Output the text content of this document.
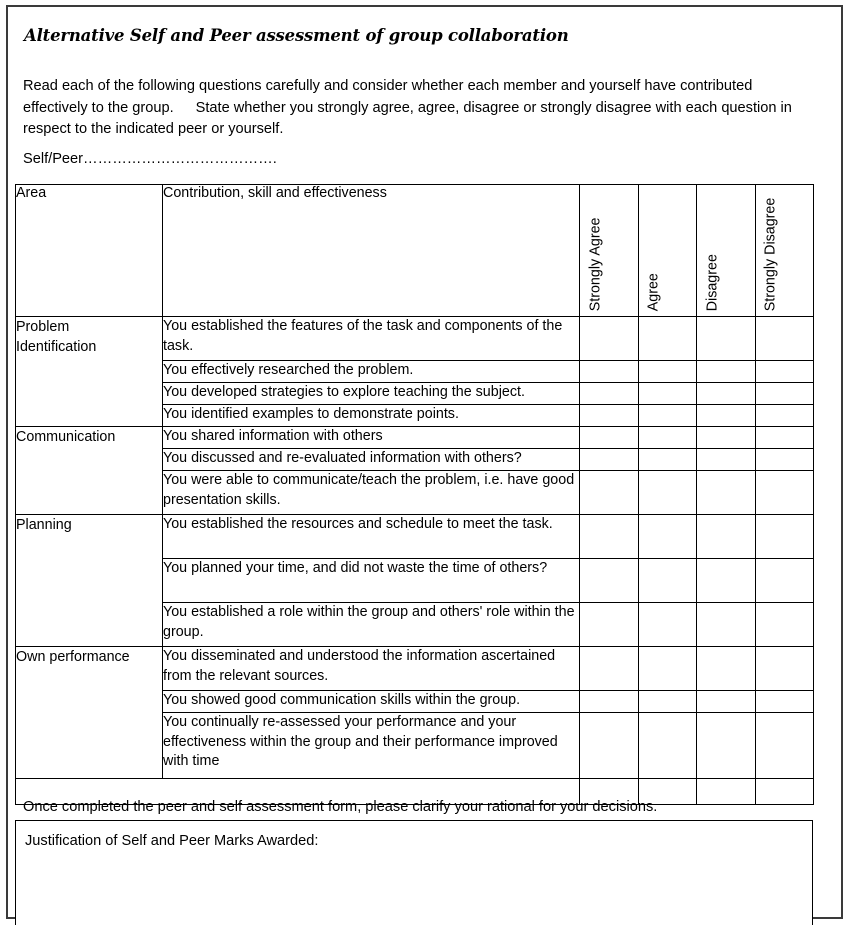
Alternative Self and Peer assessment of group collaboration
Read each of the following questions carefully and consider whether each member and yourself have contributed effectively to the group. State whether you strongly agree, agree, disagree or strongly disagree with each question in respect to the indicated peer or yourself.
Self/Peer………………………………….
Area	Contribution, skill and effectiveness	Strongly Agree	Agree	Disagree	Strongly Disagree

Problem
Identification	You established the features of the task and components of the task.				
	You effectively researched the problem.				
	You developed strategies to explore teaching the subject.				
	You identified examples to demonstrate points.				

Communication	You shared information with others				
	You discussed and re-evaluated information with others?				
	You were able to communicate/teach the problem, i.e. have good presentation skills.				

Planning	You established the resources and schedule to meet the task.				
	You planned your time, and did not waste the time of others?				
	You established a role within the group and others' role within the group.				

Own performance	You disseminated and understood the information ascertained from the relevant sources.				
	You showed good communication skills within the group.				
	You continually re-assessed your performance and your effectiveness within the group and their performance improved with time				

Once completed the peer and self assessment form, please clarify your rational for your decisions.
Justification of Self and Peer Marks Awarded:
